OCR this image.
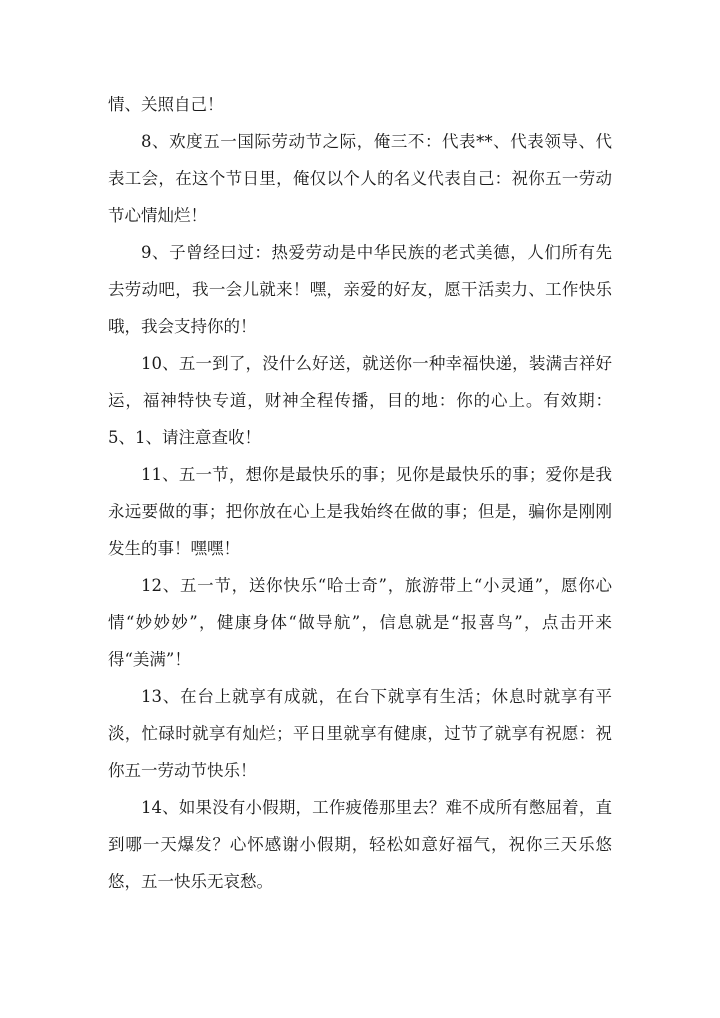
情、关照自己！

8、欢度五一国际劳动节之际，俺三不：代表**、代表领导、代表工会，在这个节日里，俺仅以个人的名义代表自己：祝你五一劳动节心情灿烂！

9、子曾经曰过：热爱劳动是中华民族的老式美德，人们所有先去劳动吧，我一会儿就来！嘿，亲爱的好友，愿干活卖力、工作快乐哦，我会支持你的！

10、五一到了，没什么好送，就送你一种幸福快递，装满吉祥好运，福神特快专道，财神全程传播，目的地：你的心上。有效期：5、1、请注意查收！

11、五一节，想你是最快乐的事；见你是最快乐的事；爱你是我永远要做的事；把你放在心上是我始终在做的事；但是，骗你是刚刚发生的事！嘿嘿！

12、五一节，送你快乐“哈士奇”，旅游带上“小灵通”，愿你心情“妙妙妙”，健康身体“做导航”，信息就是“报喜鸟”，点击开来得“美满”！

13、在台上就享有成就，在台下就享有生活；休息时就享有平淡，忙碌时就享有灿烂；平日里就享有健康，过节了就享有祝愿：祝你五一劳动节快乐！

14、如果没有小假期，工作疲倦那里去？难不成所有憋屈着，直到哪一天爆发？心怀感谢小假期，轻松如意好福气，祝你三天乐悠悠，五一快乐无哀愁。
